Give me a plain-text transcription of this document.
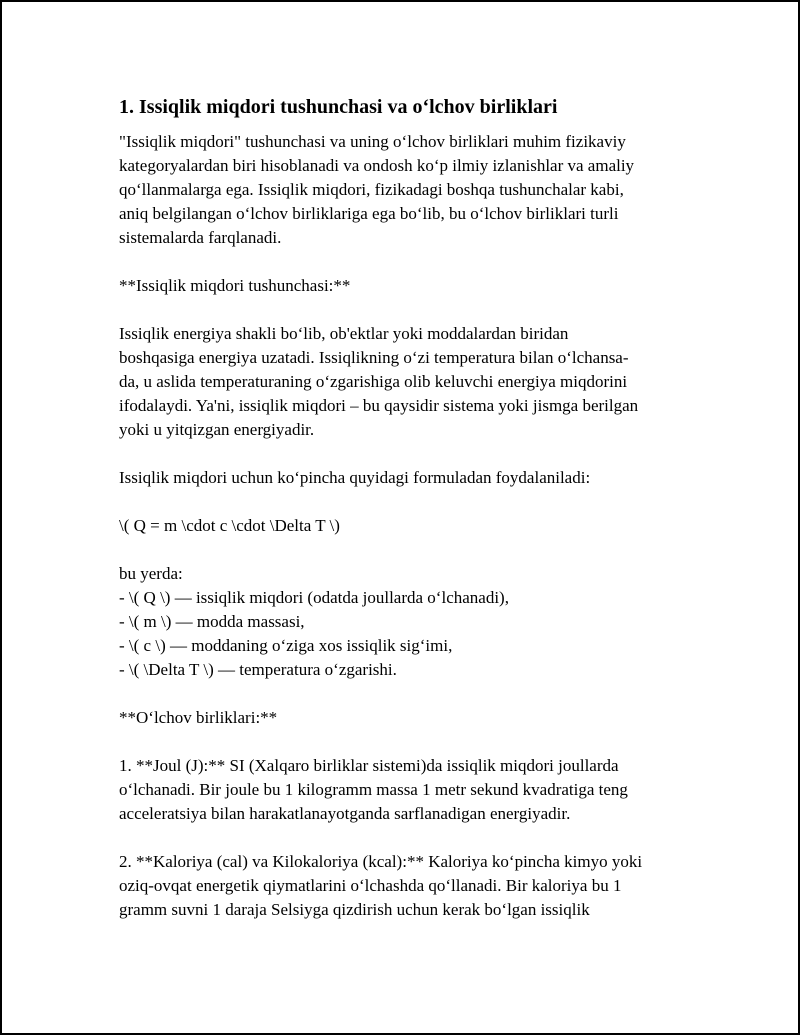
1. Issiqlik miqdori tushunchasi va o‘lchov birliklari
"Issiqlik miqdori" tushunchasi va uning o‘lchov birliklari muhim fizikaviy
kategoryalardan biri hisoblanadi va ondosh ko‘p ilmiy izlanishlar va amaliy
qo‘llanmalarga ega. Issiqlik miqdori, fizikadagi boshqa tushunchalar kabi,
aniq belgilangan o‘lchov birliklariga ega bo‘lib, bu o‘lchov birliklari turli
sistemalarda farqlanadi.
**Issiqlik miqdori tushunchasi:**
Issiqlik energiya shakli bo‘lib, ob'ektlar yoki moddalardan biridan
boshqasiga energiya uzatadi. Issiqlikning o‘zi temperatura bilan o‘lchansa-
da, u aslida temperaturaning o‘zgarishiga olib keluvchi energiya miqdorini
ifodalaydi. Ya'ni, issiqlik miqdori – bu qaysidir sistema yoki jismga berilgan
yoki u yitqizgan energiyadir.
Issiqlik miqdori uchun ko‘pincha quyidagi formuladan foydalaniladi:
\( Q = m \cdot c \cdot \Delta T \)
bu yerda:
- \( Q \) — issiqlik miqdori (odatda joullarda o‘lchanadi),
- \( m \) — modda massasi,
- \( c \) — moddaning o‘ziga xos issiqlik sig‘imi,
- \( \Delta T \) — temperatura o‘zgarishi.
**O‘lchov birliklari:**
1. **Joul (J):** SI (Xalqaro birliklar sistemi)da issiqlik miqdori joullarda
o‘lchanadi. Bir joule bu 1 kilogramm massa 1 metr sekund kvadratiga teng
acceleratsiya bilan harakatlanayotganda sarflanadigan energiyadir.
2. **Kaloriya (cal) va Kilokaloriya (kcal):** Kaloriya ko‘pincha kimyo yoki
oziq-ovqat energetik qiymatlarini o‘lchashda qo‘llanadi. Bir kaloriya bu 1
gramm suvni 1 daraja Selsiyga qizdirish uchun kerak bo‘lgan issiqlik
